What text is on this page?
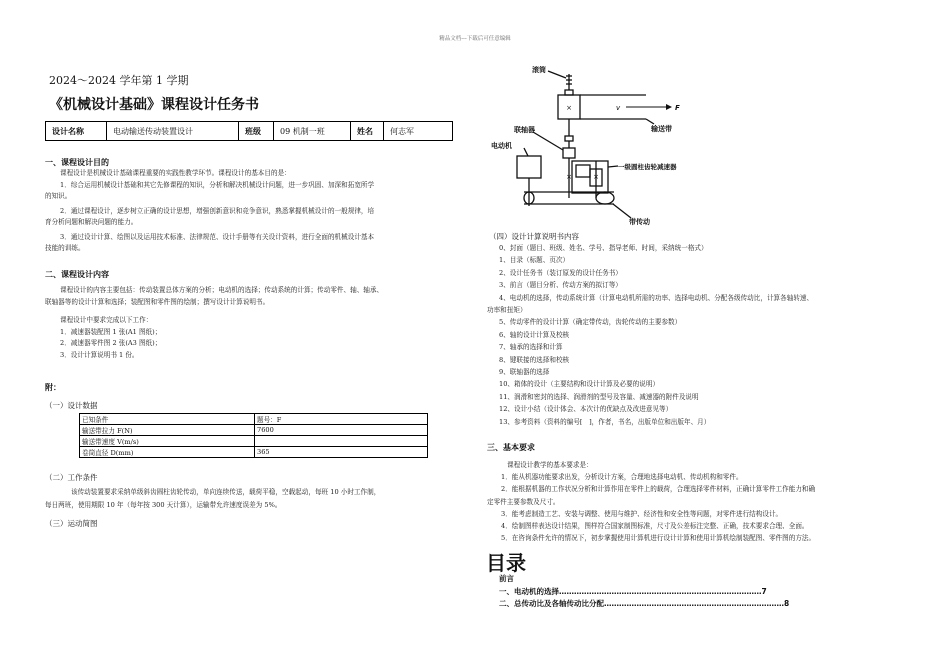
精品文档---下载后可任意编辑
2024～2024 学年第 1 学期
《机械设计基础》课程设计任务书
设计名称	电动输送传动装置设计	班级	09 机制一班	姓名	何志军
一、课程设计目的
课程设计是机械设计基础课程重要的实践性教学环节。课程设计的基本目的是：
1．综合运用机械设计基础和其它先修课程的知识，分析和解决机械设计问题，进一步巩固、加深和拓宽所学
的知识。
2．通过课程设计，逐步树立正确的设计思想，增强创新意识和竞争意识，熟悉掌握机械设计的一般规律，培
育分析问题和解决问题的能力。
3．通过设计计算、绘图以及运用技术标准、法律规范、设计手册等有关设计资料，进行全面的机械设计基本
技能的训练。
二、课程设计内容
课程设计的内容主要包括：传动装置总体方案的分析；电动机的选择；传动系统的计算；传动零件、轴、轴承、
联轴器等的设计计算和选择；装配图和零件图的绘制；撰写设计计算说明书。
课程设计中要求完成以下工作：
1．减速器装配图 1 张(A1 图纸)；
2．减速器零件图 2 张(A3 图纸)；
3．设计计算说明书 1 份。
附：
（一）设计数据
已知条件	题号：F
输送带拉力 F(N)	7600
输送带速度 V(m/s)	
卷筒直径 D(mm)	365
（二）工作条件
该传动装置要求采纳单级斜齿圆柱齿轮传动，单向连续传送，载荷平稳，空载起动，每班 10 小时工作制，
每日两班，使用期限 10 年（每年按 300 天计算），运输带允许速度误差为 5%。
（三）运动简图
×
×	×
滚筒
输送带
联轴器
电动机
一级圆柱齿轮减速器
带传动
v	F
（四）设计计算说明书内容
0、封面（题目、班级、姓名、学号、指导老师、时间，采纳统一格式）
1、目录（标题、页次）
2、设计任务书（装订原发的设计任务书）
3、前言（题目分析、传动方案的拟订等）
4、电动机的选择，传动系统计算（计算电动机所需的功率、选择电动机、分配各级传动比，计算各轴转速、
功率和扭矩）
5、传动零件的设计计算（确定带传动，齿轮传动的主要参数）
6、轴的设计计算及校核
7、轴承的选择和计算
8、键联接的选择和校核
9、联轴器的选择
10、箱体的设计（主要结构和设计计算及必要的说明）
11、润滑和密封的选择、润滑剂的型号及容量、减速器的附件及说明
12、设计小结（设计体会、本次计的优缺点及改进意见等）
13、参考资料（资料的编号[　]，作者，书名，出版单位和出版年、月）
三、基本要求
课程设计教学的基本要求是：
1．能从机器功能要求出发，分析设计方案，合理地选择电动机、传动机构和零件。
2．能根据机器的工作状况分析和计算作用在零件上的载荷，合理选择零件材料，正确计算零件工作能力和确
定零件主要参数及尺寸。
3．能考虑制造工艺、安装与调整、使用与维护、经济性和安全性等问题，对零件进行结构设计。
4．绘制图样表达设计结果，图样符合国家制图标准，尺寸及公差标注完整、正确，技术要求合理、全面。
5．在咨询条件允许的情况下，初步掌握使用计算机进行设计计算和使用计算机绘制装配图、零件图的方法。
目录
前言
一、电动机的选择………………………………………………………………………7
二、总传动比及各轴传动比分配………………………………………………………………8
